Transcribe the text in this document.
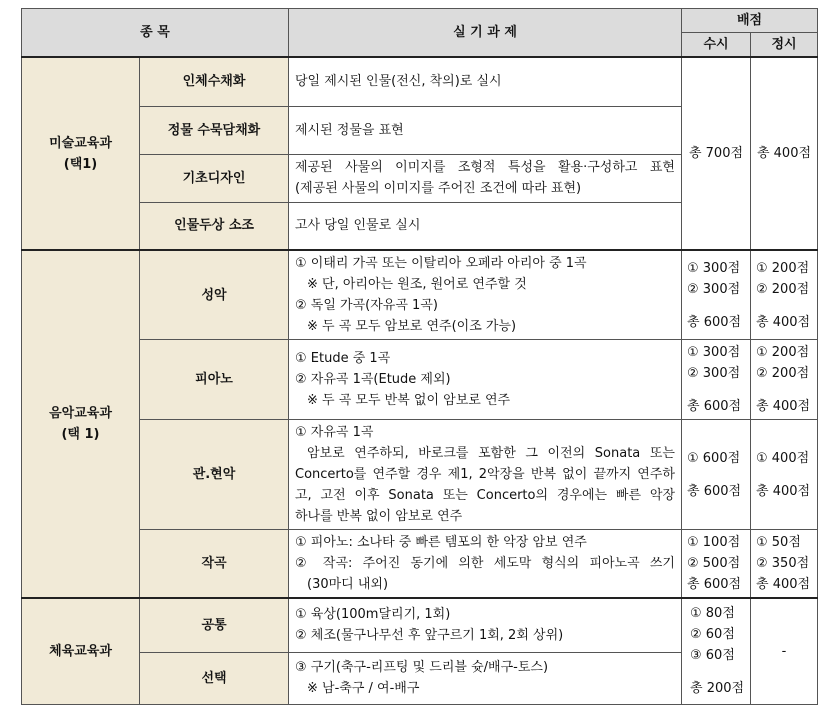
종 목		실 기 과 제	배점	
			수시	정시

미술교육과
(택1)	인체수채화	당일 제시된 인물(전신, 착의)로 실시	총 700점	총 400점
	정물 수묵담채화	제시된 정물을 표현		

	기초디자인	제공된 사물의 이미지를 조형적 특성을 활용·구성하고 표현
(제공된 사물의 이미지를 주어진 조건에 따라 표현)		

	인물두상 소조	고사 당일 인물로 실시		

음악교육과
(택 1)	성악	① 이태리 가곡 또는 이탈리아 오페라 아리아 중 1곡
※ 단, 아리아는 원조, 원어로 연주할 것
② 독일 가곡(자유곡 1곡)
※ 두 곡 모두 암보로 연주(이조 가능)	① 300점
② 300점
총 600점	① 200점
② 200점
총 400점

	피아노	① Etude 중 1곡
② 자유곡 1곡(Etude 제외)
※ 두 곡 모두 반복 없이 암보로 연주	① 300점
② 300점
총 600점	① 200점
② 200점
총 400점

	관.현악	① 자유곡 1곡
암보로 연주하되, 바로크를 포함한 그 이전의 Sonata 또는
Concerto를 연주할 경우 제1, 2악장을 반복 없이 끝까지 연주하
고, 고전 이후 Sonata 또는 Concerto의 경우에는 빠른 악장
하나를 반복 없이 암보로 연주	① 600점
총 600점	① 400점
총 400점

	작곡	① 피아노: 소나타 중 빠른 템포의 한 악장 암보 연주
② 작곡: 주어진 동기에 의한 세도막 형식의 피아노곡 쓰기
(30마디 내외)	① 100점
② 500점
총 600점	① 50점
② 350점
총 400점

체육교육과	공통	① 육상(100m달리기, 1회)
② 체조(물구나무선 후 앞구르기 1회, 2회 상위)	① 80점
② 60점
③ 60점
총 200점	-
	선택	③ 구기(축구-리프팅 및 드리블 슛/배구-토스)
※ 남-축구 / 여-배구		
